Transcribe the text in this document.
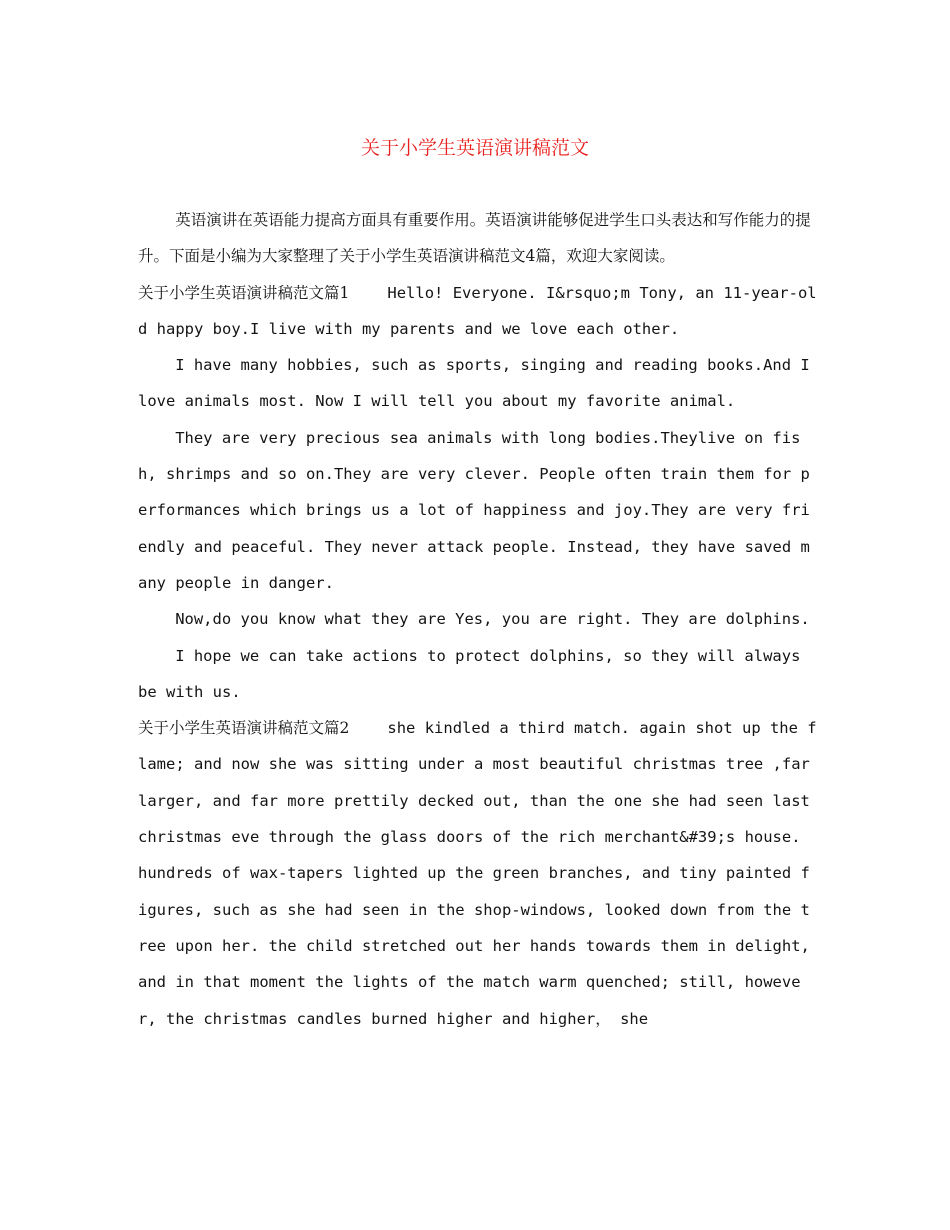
关于小学生英语演讲稿范文

英语演讲在英语能力提高方面具有重要作用。英语演讲能够促进学生口头表达和写作能力的提升。下面是小编为大家整理了关于小学生英语演讲稿范文4篇，欢迎大家阅读。

关于小学生英语演讲稿范文篇1 Hello! Everyone. I&rsquo;m Tony, an 11-year-old happy boy.I live with my parents and we love each other.

I have many hobbies, such as sports, singing and reading books.And I love animals most. Now I will tell you about my favorite animal.

They are very precious sea animals with long bodies.Theylive on fish, shrimps and so on.They are very clever. People often train them for performances which brings us a lot of happiness and joy.They are very friendly and peaceful. They never attack people. Instead, they have saved many people in danger.

Now,do you know what they are Yes, you are right. They are dolphins.

I hope we can take actions to protect dolphins, so they will always be with us.

关于小学生英语演讲稿范文篇2 she kindled a third match. again shot up the flame; and now she was sitting under a most beautiful christmas tree ,far larger, and far more prettily decked out, than the one she had seen last christmas eve through the glass doors of the rich merchant&#39;s house. hundreds of wax-tapers lighted up the green branches, and tiny painted figures, such as she had seen in the shop-windows, looked down from the tree upon her. the child stretched out her hands towards them in delight, and in that moment the lights of the match warm quenched; still, however, the christmas candles burned higher and higher， she
